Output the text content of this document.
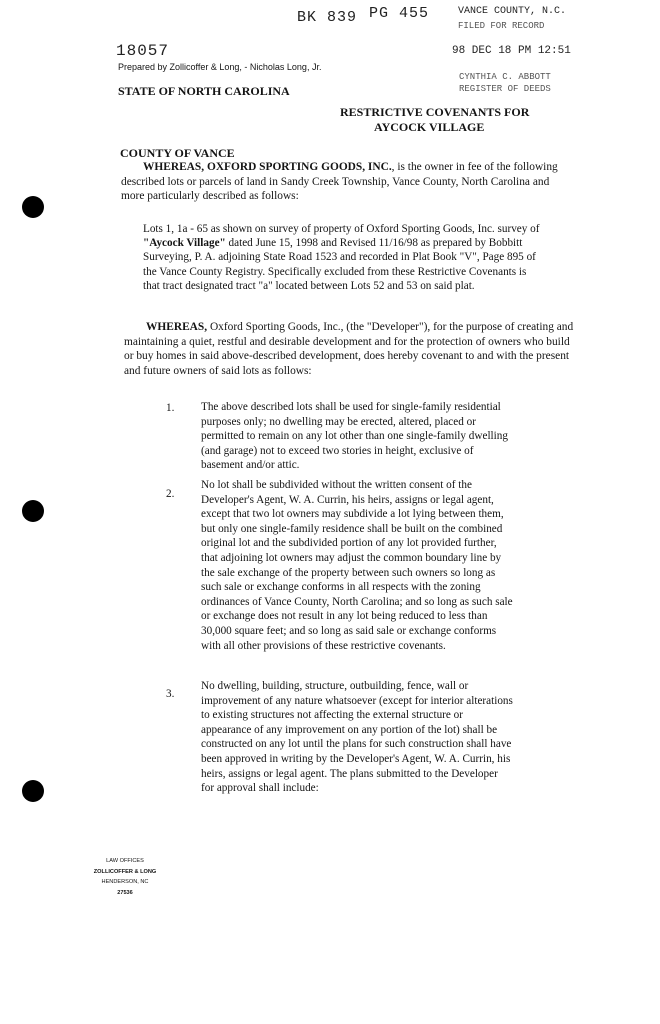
BK 839 PG 455	VANCE COUNTY, N.C.
FILED FOR RECORD
98 DEC 18 PM 12:51
CYNTHIA C. ABBOTT
REGISTER OF DEEDS
18057
Prepared by Zollicoffer & Long, - Nicholas Long, Jr.
STATE OF NORTH CAROLINA
RESTRICTIVE COVENANTS FOR
AYCOCK VILLAGE
COUNTY OF VANCE
WHEREAS, OXFORD SPORTING GOODS, INC., is the owner in fee of the following described lots or parcels of land in Sandy Creek Township, Vance County, North Carolina and more particularly described as follows:
Lots 1, 1a - 65 as shown on survey of property of Oxford Sporting Goods, Inc. survey of "Aycock Village" dated June 15, 1998 and Revised 11/16/98 as prepared by Bobbitt Surveying, P. A. adjoining State Road 1523 and recorded in Plat Book "V", Page 895 of the Vance County Registry. Specifically excluded from these Restrictive Covenants is that tract designated tract "a" located between Lots 52 and 53 on said plat.
WHEREAS, Oxford Sporting Goods, Inc., (the "Developer"), for the purpose of creating and maintaining a quiet, restful and desirable development and for the protection of owners who build or buy homes in said above-described development, does hereby covenant to and with the present and future owners of said lots as follows:
1. The above described lots shall be used for single-family residential purposes only; no dwelling may be erected, altered, placed or permitted to remain on any lot other than one single-family dwelling (and garage) not to exceed two stories in height, exclusive of basement and/or attic.
2.
No lot shall be subdivided without the written consent of the Developer's Agent, W. A. Currin, his heirs, assigns or legal agent, except that two lot owners may subdivide a lot lying between them, but only one single-family residence shall be built on the combined original lot and the subdivided portion of any lot provided further, that adjoining lot owners may adjust the common boundary line by the sale exchange of the property between such owners so long as such sale or exchange conforms in all respects with the zoning ordinances of Vance County, North Carolina; and so long as such sale or exchange does not result in any lot being reduced to less than 30,000 square feet; and so long as said sale or exchange conforms with all other provisions of these restrictive covenants.
3.
No dwelling, building, structure, outbuilding, fence, wall or improvement of any nature whatsoever (except for interior alterations to existing structures not affecting the external structure or appearance of any improvement on any portion of the lot) shall be constructed on any lot until the plans for such construction shall have been approved in writing by the Developer's Agent, W. A. Currin, his heirs, assigns or legal agent. The plans submitted to the Developer for approval shall include:
LAW OFFICES
ZOLLICOFFER & LONG
HENDERSON, NC
27536
